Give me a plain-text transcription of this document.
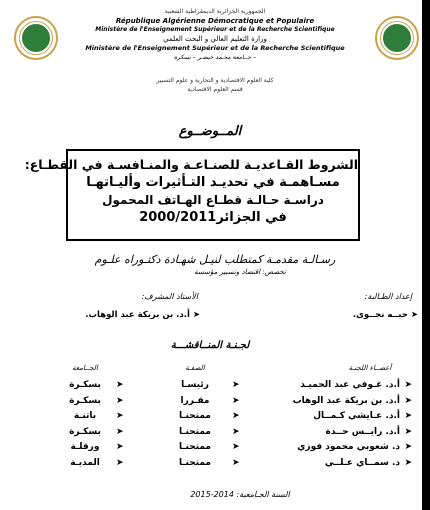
الجمهورية الجزائرية الديمقراطية الشعبية
République Algérienne Démocratique et Populaire
Ministère de l'Enseignement Supérieur et de la Recherche Scientifique
وزارة التعليم العالي و البحث العلمي
Ministère de l'Enseignement Supérieur et de la Recherche Scientifique
جــامعة محـمد خيضـر – بسكرة –
كلية العلوم الاقتصادية و التجارية و علوم التسيير
قسم العلوم الاقتصادية
المــوضــوع
الشروط القـاعديـة للصنـاعـة والمنـافسـة في القطـاع:
مسـاهمـة في تحديـد التـأثيرات وأليـاتهـا
دراسـة حـالـة قطـاع الهـاتف المحمول
في الجزائر2000/2011
رسـالـة مقدمـة كمتطلب لنيـل شهـادة دكتـوراه علـوم
تخصص: اقتصاد وتسيير مؤسسة
إعداد الطـالبة:
الأستاذ المشرف:
➤ حبــه نجــوى.
➤ أ.د. بن بريكة عبد الوهاب.
لجـنـة المنــاقشـــة
أعضــاء اللجنـة
الصفـة
الجــامعة
➤
أ.د. غـوفي عبد الحميـد
➤
رئيسـا
➤
بسكـرة
➤
أ.د. بن بريكة عبد الوهاب
➤
مقـررا
➤
بسكـرة
➤
أ.د. عـايشي كـمــال
➤
ممتحنـا
➤
باتنـة
➤
أ.د. رايــس حــدة
➤
ممتحنـا
➤
بسكـرة
➤
د. شعوبي محمود فوزي
➤
ممتحنـا
➤
ورقلـة
➤
د. سمــاي عـلــي
➤
ممتحنـا
➤
المديـة
السنة الجـامعية: 2014-2015
